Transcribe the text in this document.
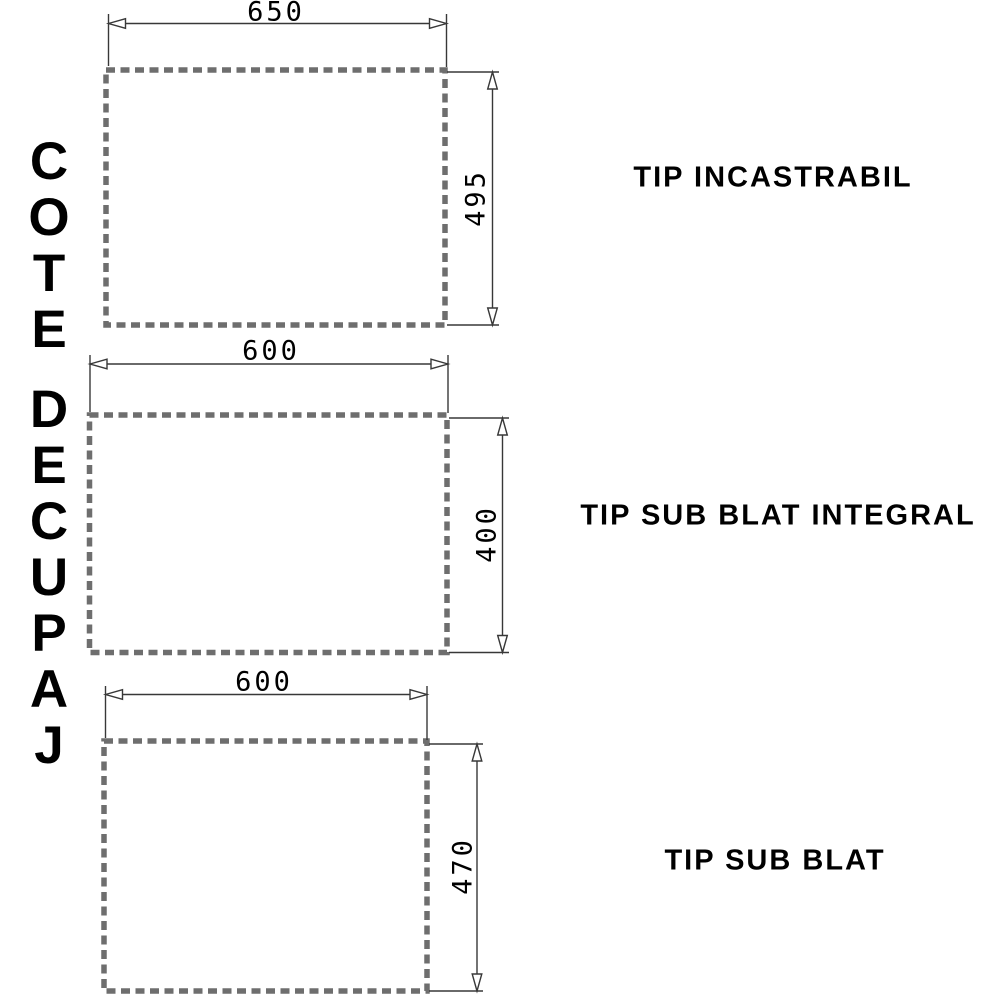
C
O
T
E
D
E
C
U
P
A
J
650
495
600
400
600
470
TIP INCASTRABIL
TIP SUB BLAT INTEGRAL
TIP SUB BLAT
